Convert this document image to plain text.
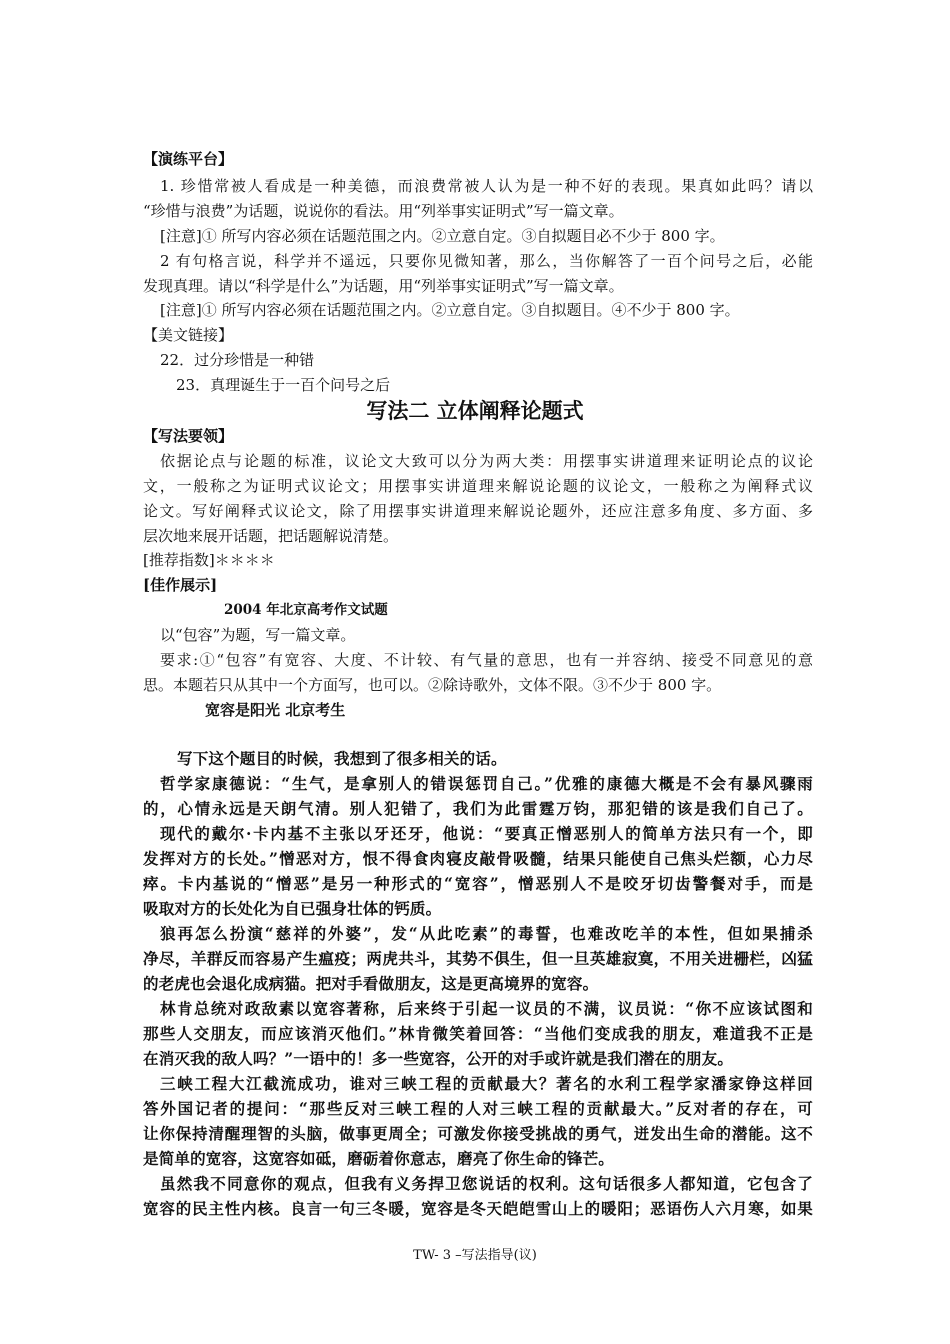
【演练平台】
1. 珍惜常被人看成是一种美德，而浪费常被人认为是一种不好的表现。果真如此吗？请以
“珍惜与浪费”为话题，说说你的看法。用“列举事实证明式”写一篇文章。
[注意]① 所写内容必须在话题范围之内。②立意自定。③自拟题目必不少于 800 字。
2 有句格言说，科学并不遥远，只要你见微知著，那么，当你解答了一百个问号之后，必能
发现真理。请以“科学是什么”为话题，用“列举事实证明式”写一篇文章。
[注意]① 所写内容必须在话题范围之内。②立意自定。③自拟题目。④不少于 800 字。
【美文链接】
22．过分珍惜是一种错
23．真理诞生于一百个问号之后
写法二 立体阐释论题式
【写法要领】
依据论点与论题的标准，议论文大致可以分为两大类：用摆事实讲道理来证明论点的议论
文，一般称之为证明式议论文；用摆事实讲道理来解说论题的议论文，一般称之为阐释式议
论文。写好阐释式议论文，除了用摆事实讲道理来解说论题外，还应注意多角度、多方面、多
层次地来展开话题，把话题解说清楚。
[推荐指数]＊＊＊＊
[佳作展示]
2004 年北京高考作文试题
以“包容”为题，写一篇文章。
要求:①“包容”有宽容、大度、不计较、有气量的意思，也有一并容纳、接受不同意见的意
思。本题若只从其中一个方面写，也可以。②除诗歌外，文体不限。③不少于 800 字。
宽容是阳光 北京考生
写下这个题目的时候，我想到了很多相关的话。
哲学家康德说：“生气，是拿别人的错误惩罚自己。”优雅的康德大概是不会有暴风骤雨
的，心情永远是天朗气清。别人犯错了，我们为此雷霆万钧，那犯错的该是我们自己了。
现代的戴尔·卡内基不主张以牙还牙，他说：“要真正憎恶别人的简单方法只有一个，即
发挥对方的长处。”憎恶对方，恨不得食肉寝皮敲骨吸髓，结果只能使自己焦头烂额，心力尽
瘁。卡内基说的“憎恶”是另一种形式的“宽容”，憎恶别人不是咬牙切齿警餐对手，而是
吸取对方的长处化为自已强身壮体的钙质。
狼再怎么扮演“慈祥的外婆”，发“从此吃素”的毒誓，也难改吃羊的本性，但如果捕杀
净尽，羊群反而容易产生瘟疫；两虎共斗，其势不俱生，但一旦英雄寂寞，不用关进栅栏，凶猛
的老虎也会退化成病猫。把对手看做朋友，这是更高境界的宽容。
林肯总统对政敌素以宽容著称，后来终于引起一议员的不满，议员说：“你不应该试图和
那些人交朋友，而应该消灭他们。”林肯微笑着回答：“当他们变成我的朋友，难道我不正是
在消灭我的敌人吗？”一语中的！多一些宽容，公开的对手或许就是我们潜在的朋友。
三峡工程大江截流成功，谁对三峡工程的贡献最大？著名的水利工程学家潘家铮这样回
答外国记者的提问：“那些反对三峡工程的人对三峡工程的贡献最大。”反对者的存在，可
让你保持清醒理智的头脑，做事更周全；可激发你接受挑战的勇气，迸发出生命的潜能。这不
是简单的宽容，这宽容如砥，磨砺着你意志，磨亮了你生命的锋芒。
虽然我不同意你的观点，但我有义务捍卫您说话的权利。这句话很多人都知道，它包含了
宽容的民主性内核。良言一句三冬暖，宽容是冬天皑皑雪山上的暖阳；恶语伤人六月寒，如果
TW- 3 –写法指导(议)
